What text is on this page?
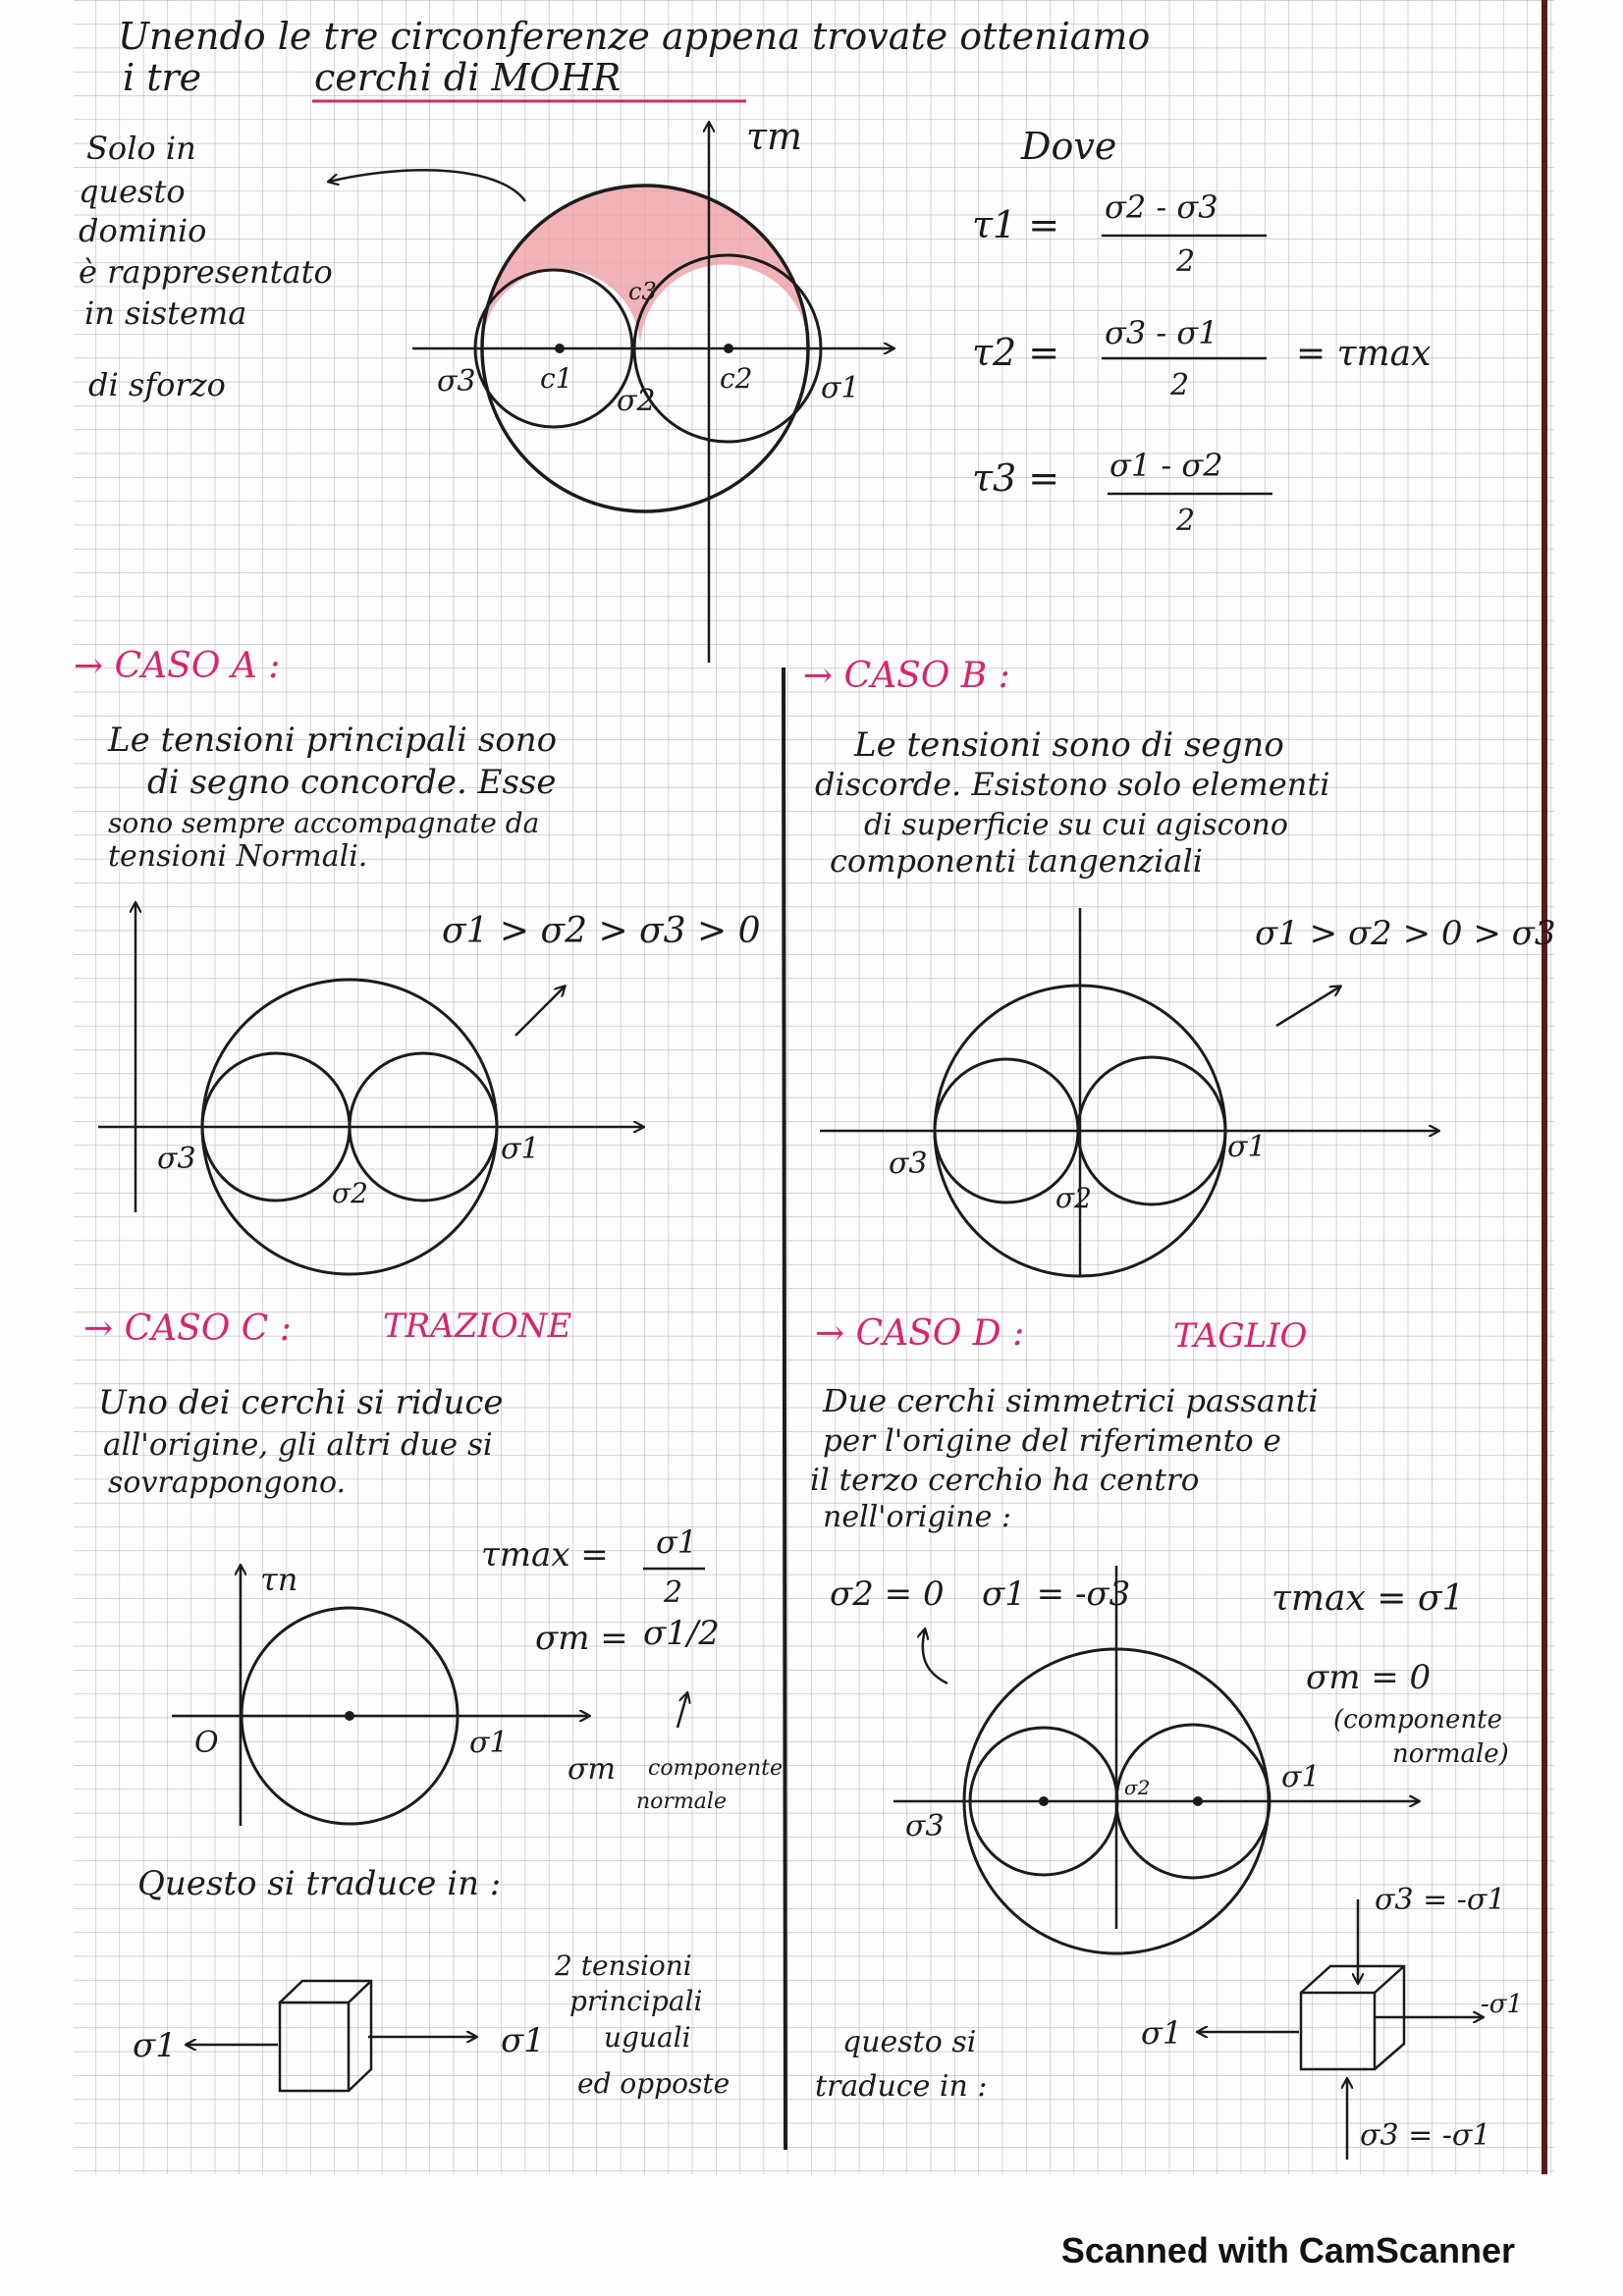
Unendo le tre circonferenze appena trovate otteniamo
i tre	cerchi di MOHR
Solo in
questo
dominio
è rappresentato
in sistema
di sforzo
τm
σ3 c1	c2
c3
σ2	σ1
Dove
τ1 = σ2 - σ3
2
τ2 = σ3 - σ1
2
= τmax
τ3 = σ1 - σ2
2
→ CASO A :
Le tensioni principali sono
di segno concorde. Esse
sono sempre accompagnate da
tensioni Normali.
σ1 > σ2 > σ3 > 0
σ3
σ2
σ1
→ CASO B :
Le tensioni sono di segno
discorde. Esistono solo elementi
di superficie su cui agiscono
componenti tangenziali
σ1 > σ2 > 0 > σ3
σ3
σ2
σ1
→ CASO C :	TRAZIONE
Uno dei cerchi si riduce
all'origine, gli altri due si
sovrappongono.
τmax = σ1
2
σm = σ1/2
σm componente
normale
τn
O	σ1
Questo si traduce in :
2 tensioni
principali
uguali
ed opposte
σ1	σ1
→ CASO D :	TAGLIO
Due cerchi simmetrici passanti
per l'origine del riferimento e
il terzo cerchio ha centro
nell'origine :
σ2 = 0 σ1 = -σ3	τmax = σ1
σm = 0
(componente
normale)
σ3
σ2	σ1
questo si
traduce in :
σ3 = -σ1
σ3 = -σ1
σ1
-σ1
Scanned with CamScanner
